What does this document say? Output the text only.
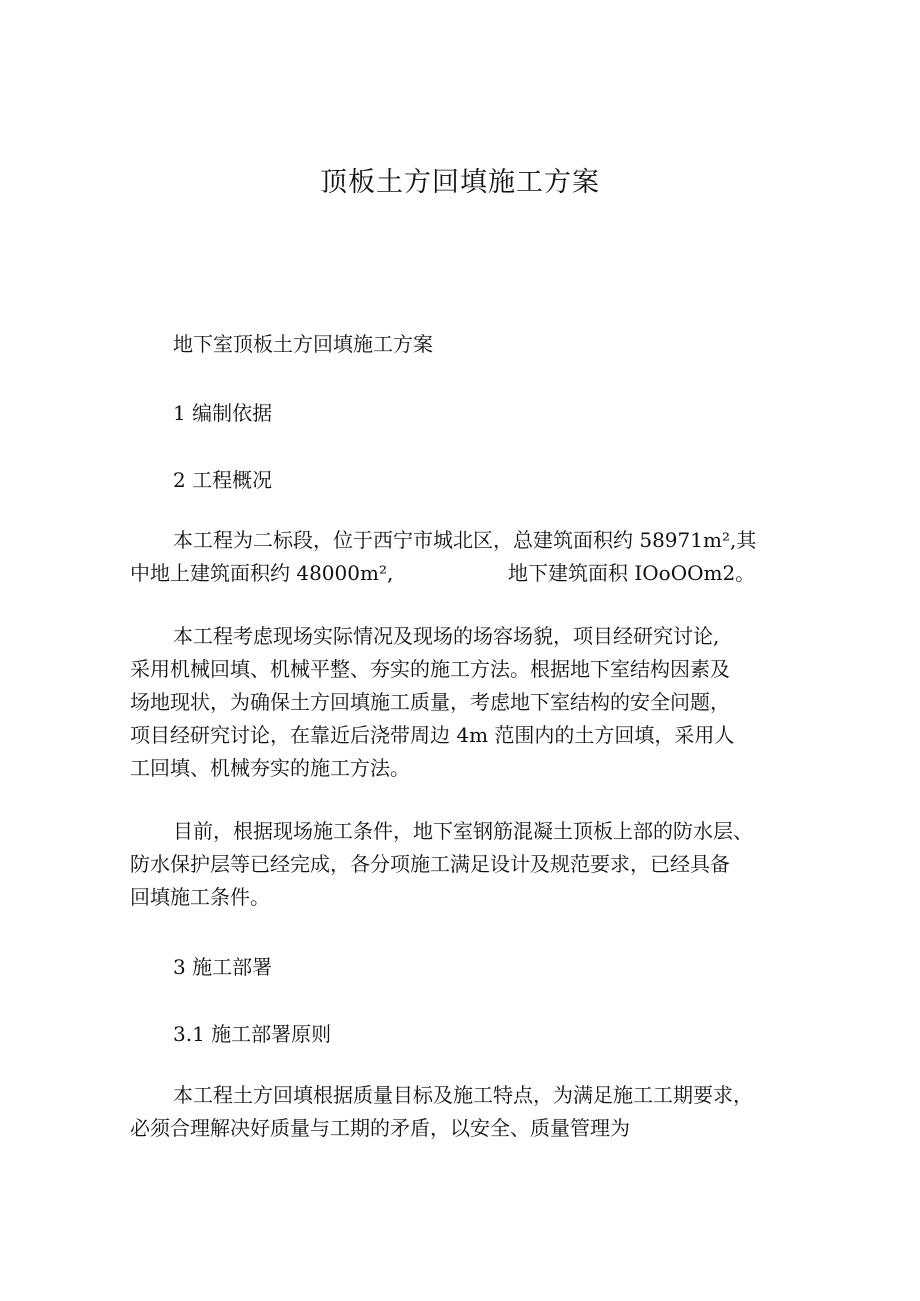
顶板土方回填施工方案
地下室顶板土方回填施工方案
1 编制依据
2 工程概况
本工程为二标段，位于西宁市城北区，总建筑面积约 58971m²,其
中地上建筑面积约 48000m²,	地下建筑面积 IOoOOm2。
本工程考虑现场实际情况及现场的场容场貌，项目经研究讨论,
采用机械回填、机械平整、夯实的施工方法。根据地下室结构因素及
场地现状，为确保土方回填施工质量，考虑地下室结构的安全问题，
项目经研究讨论，在靠近后浇带周边 4m 范围内的土方回填，采用人
工回填、机械夯实的施工方法。
目前，根据现场施工条件，地下室钢筋混凝土顶板上部的防水层、
防水保护层等已经完成，各分项施工满足设计及规范要求，已经具备
回填施工条件。
3 施工部署
3.1 施工部署原则
本工程土方回填根据质量目标及施工特点，为满足施工工期要求，
必须合理解决好质量与工期的矛盾，以安全、质量管理为
